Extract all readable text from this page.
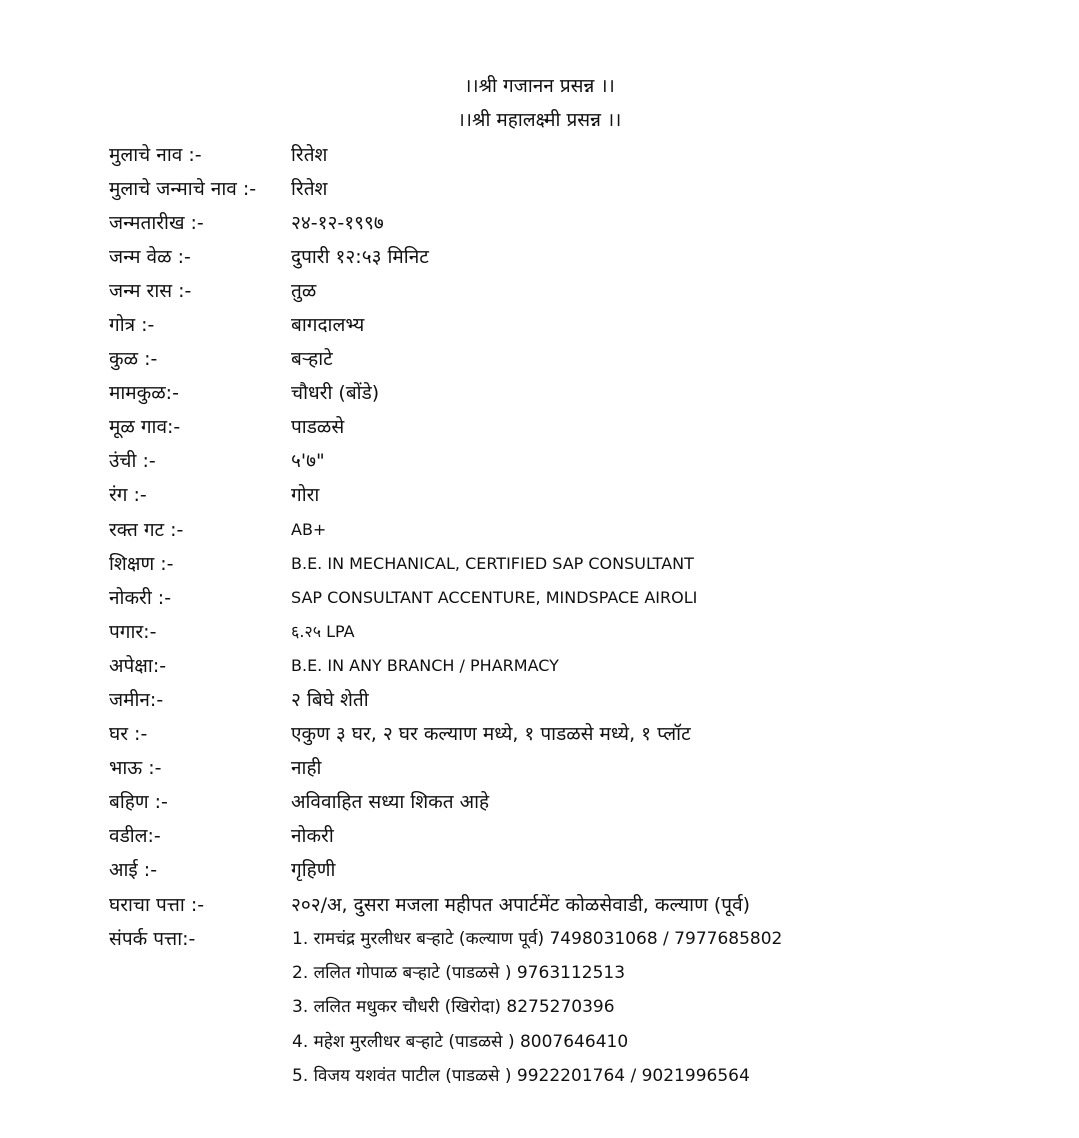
।।श्री गजानन प्रसन्न ।।
।।श्री महालक्ष्मी प्रसन्न ।।
मुलाचे नाव :-	रितेश
मुलाचे जन्माचे नाव :- रितेश
जन्मतारीख :-	२४-१२-१९९७
जन्म वेळ :-	दुपारी १२:५३ मिनिट
जन्म रास :-	तुळ
गोत्र :-	बागदालभ्य
कुळ :-	बऱ्हाटे
मामकुळ:-	चौधरी (बोंडे)
मूळ गाव:-	पाडळसे
उंची :-	५'७"
रंग :-	गोरा
रक्त गट :-	AB+
शिक्षण :-	B.E. IN MECHANICAL, CERTIFIED SAP CONSULTANT
नोकरी :-	SAP CONSULTANT ACCENTURE, MINDSPACE AIROLI
पगार:-	६.२५ LPA
अपेक्षा:-	B.E. IN ANY BRANCH / PHARMACY
जमीन:-	२ बिघे शेती
घर :-	एकुण ३ घर, २ घर कल्याण मध्ये, १ पाडळसे मध्ये, १ प्लॉट
भाऊ :-	नाही
बहिण :-	अविवाहित सध्या शिकत आहे
वडील:-	नोकरी
आई :-	गृहिणी
घराचा पत्ता :-	२०२/अ, दुसरा मजला महीपत अपार्टमेंट कोळसेवाडी, कल्याण (पूर्व)
संपर्क पत्ता:-	1. रामचंद्र मुरलीधर बऱ्हाटे (कल्याण पूर्व) 7498031068 / 7977685802
2. ललित गोपाळ बऱ्हाटे (पाडळसे ) 9763112513
3. ललित मधुकर चौधरी (खिरोदा) 8275270396
4. महेश मुरलीधर बऱ्हाटे (पाडळसे ) 8007646410
5. विजय यशवंत पाटील (पाडळसे ) 9922201764 / 9021996564
